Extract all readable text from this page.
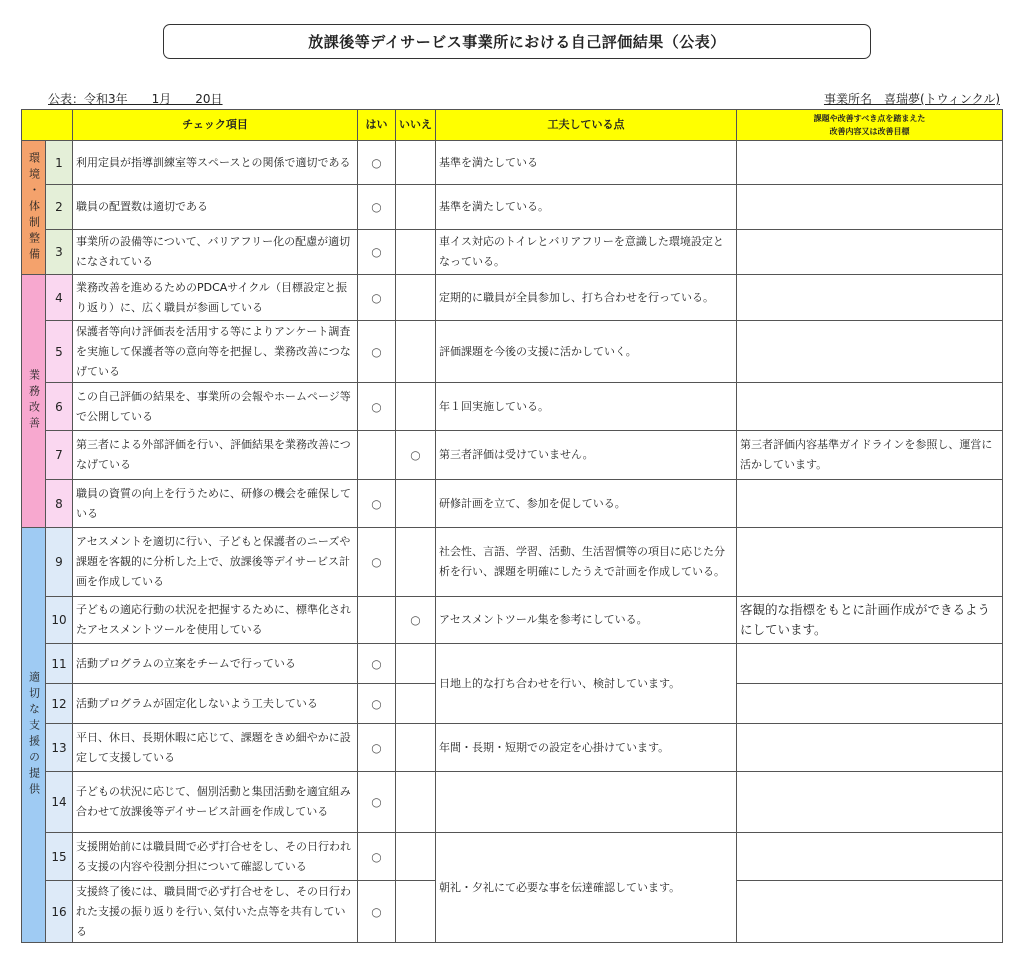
放課後等デイサービス事業所における自己評価結果（公表）
公表：令和3年　　1月　　20日	事業所名　喜瑞夢(トウィンクル)
		チェック項目	はい	いいえ	工夫している点	課題や改善すべき点を踏まえた
改善内容又は改善目標

環境・体制整備	1	利用定員が指導訓練室等スペースとの関係で適切である	○		基準を満たしている	
	2	職員の配置数は適切である	○		基準を満たしている。	
	3	事業所の設備等について、バリアフリー化の配慮が適切になされている	○		車イス対応のトイレとバリアフリーを意識した環境設定となっている。	
業務改善	4	業務改善を進めるためのPDCAサイクル（目標設定と振り返り）に、広く職員が参画している	○		定期的に職員が全員参加し、打ち合わせを行っている。	
	5	保護者等向け評価表を活用する等によりアンケート調査を実施して保護者等の意向等を把握し、業務改善につなげている	○		評価課題を今後の支援に活かしていく。	
	6	この自己評価の結果を、事業所の会報やホームページ等で公開している	○		年１回実施している。	
	7	第三者による外部評価を行い、評価結果を業務改善につなげている		○	第三者評価は受けていません。	第三者評価内容基準ガイドラインを参照し、運営に活かしています。
	8	職員の資質の向上を行うために、研修の機会を確保している	○		研修計画を立て、参加を促している。	
適切な支援の提供	9	アセスメントを適切に行い、子どもと保護者のニーズや課題を客観的に分析した上で、放課後等デイサービス計画を作成している	○		社会性、言語、学習、活動、生活習慣等の項目に応じた分析を行い、課題を明確にしたうえで計画を作成している。	
	10	子どもの適応行動の状況を把握するために、標準化されたアセスメントツールを使用している		○	アセスメントツール集を参考にしている。	客観的な指標をもとに計画作成ができるようにしています。
	11	活動プログラムの立案をチームで行っている	○		日地上的な打ち合わせを行い、検討しています。	
	12	活動プログラムが固定化しないよう工夫している	○			
	13	平日、休日、長期休暇に応じて、課題をきめ細やかに設定して支援している	○		年間・長期・短期での設定を心掛けています。	
	14	子どもの状況に応じて、個別活動と集団活動を適宜組み合わせて放課後等デイサービス計画を作成している	○			
	15	支援開始前には職員間で必ず打合せをし、その日行われる支援の内容や役割分担について確認している	○		朝礼・夕礼にて必要な事を伝達確認しています。	
	16	支援終了後には、職員間で必ず打合せをし、その日行われた支援の振り返りを行い､気付いた点等を共有している	○			
